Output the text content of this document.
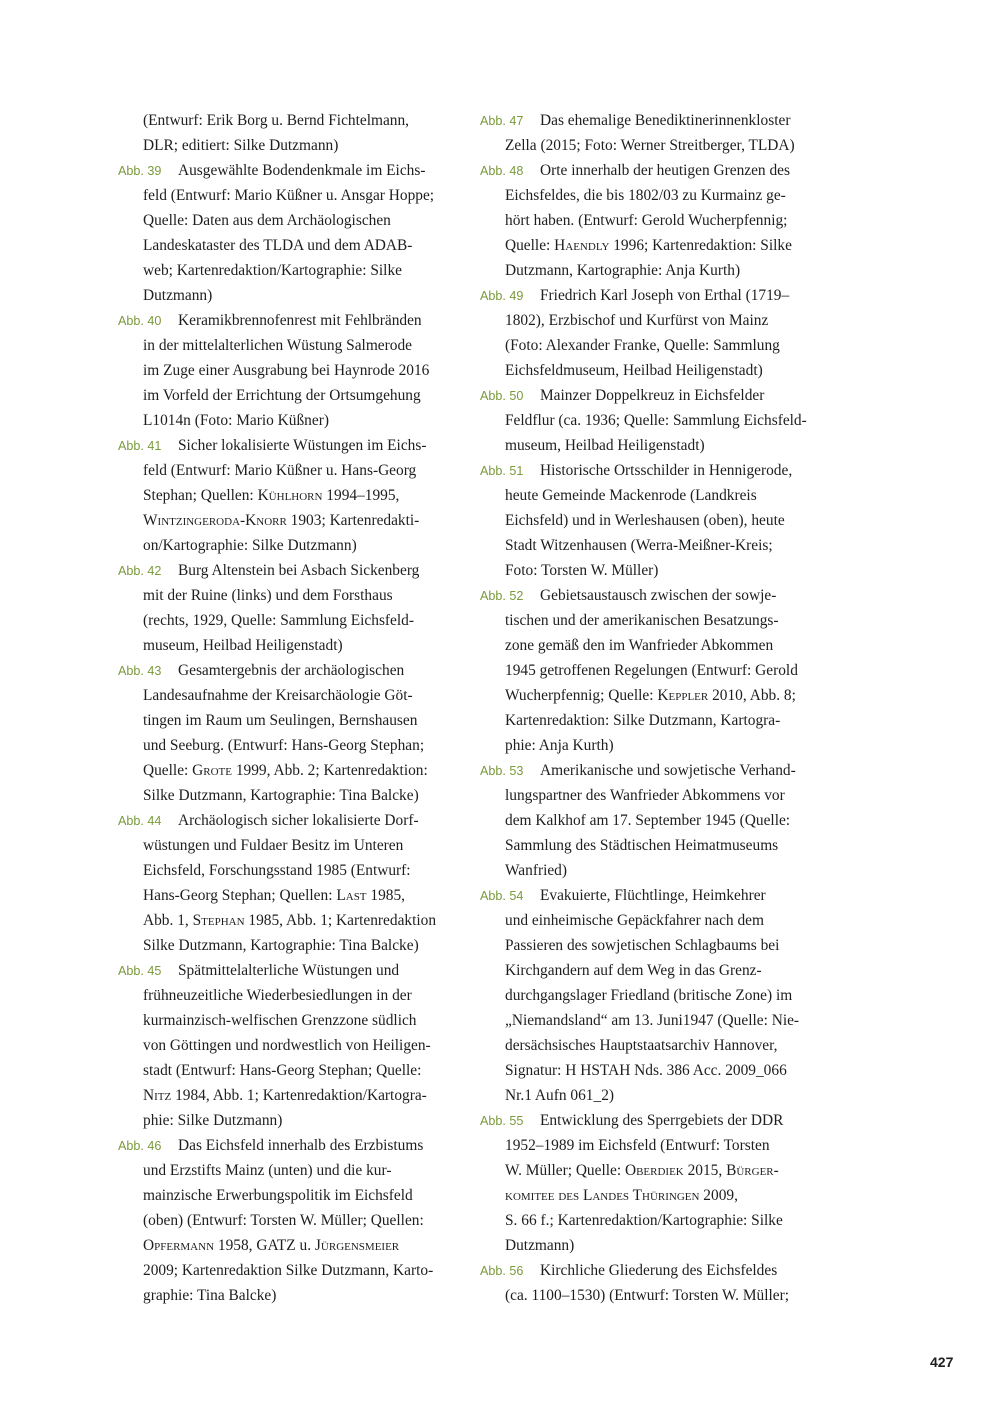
(Entwurf: Erik Borg u. Bernd Fichtelmann,
DLR; editiert: Silke Dutzmann)
Abb. 39 Ausgewählte Bodendenkmale im Eichs-
feld (Entwurf: Mario Küßner u. Ansgar Hoppe;
Quelle: Daten aus dem Archäologischen
Landeskataster des TLDA und dem ADAB-
web; Kartenredaktion/Kartographie: Silke
Dutzmann)
Abb. 40 Keramikbrennofenrest mit Fehlbränden
in der mittelalterlichen Wüstung Salmerode
im Zuge einer Ausgrabung bei Haynrode 2016
im Vorfeld der Errichtung der Ortsumgehung
L1014n (Foto: Mario Küßner)
Abb. 41 Sicher lokalisierte Wüstungen im Eichs-
feld (Entwurf: Mario Küßner u. Hans-Georg
Stephan; Quellen: Kühlhorn 1994–1995,
Wintzingeroda-Knorr 1903; Kartenredakti-
on/Kartographie: Silke Dutzmann)
Abb. 42 Burg Altenstein bei Asbach Sickenberg
mit der Ruine (links) und dem Forsthaus
(rechts, 1929, Quelle: Sammlung Eichsfeld-
museum, Heilbad Heiligenstadt)
Abb. 43 Gesamtergebnis der archäologischen
Landesaufnahme der Kreisarchäologie Göt-
tingen im Raum um Seulingen, Bernshausen
und Seeburg. (Entwurf: Hans-Georg Stephan;
Quelle: Grote 1999, Abb. 2; Kartenredaktion:
Silke Dutzmann, Kartographie: Tina Balcke)
Abb. 44 Archäologisch sicher lokalisierte Dorf-
wüstungen und Fuldaer Besitz im Unteren
Eichsfeld, Forschungsstand 1985 (Entwurf:
Hans-Georg Stephan; Quellen: Last 1985,
Abb. 1, Stephan 1985, Abb. 1; Kartenredaktion
Silke Dutzmann, Kartographie: Tina Balcke)
Abb. 45 Spätmittelalterliche Wüstungen und
frühneuzeitliche Wiederbesiedlungen in der
kurmainzisch-welfischen Grenzzone südlich
von Göttingen und nordwestlich von Heiligen-
stadt (Entwurf: Hans-Georg Stephan; Quelle:
Nitz 1984, Abb. 1; Kartenredaktion/Kartogra-
phie: Silke Dutzmann)
Abb. 46 Das Eichsfeld innerhalb des Erzbistums
und Erzstifts Mainz (unten) und die kur-
mainzische Erwerbungspolitik im Eichsfeld
(oben) (Entwurf: Torsten W. Müller; Quellen:
Opfermann 1958, GATZ u. Jürgensmeier
2009; Kartenredaktion Silke Dutzmann, Karto-
graphie: Tina Balcke)
Abb. 47 Das ehemalige Benediktinerinnenkloster
Zella (2015; Foto: Werner Streitberger, TLDA)
Abb. 48 Orte innerhalb der heutigen Grenzen des
Eichsfeldes, die bis 1802/03 zu Kurmainz ge-
hört haben. (Entwurf: Gerold Wucherpfennig;
Quelle: Haendly 1996; Kartenredaktion: Silke
Dutzmann, Kartographie: Anja Kurth)
Abb. 49 Friedrich Karl Joseph von Erthal (1719–
1802), Erzbischof und Kurfürst von Mainz
(Foto: Alexander Franke, Quelle: Sammlung
Eichsfeldmuseum, Heilbad Heiligenstadt)
Abb. 50 Mainzer Doppelkreuz in Eichsfelder
Feldflur (ca. 1936; Quelle: Sammlung Eichsfeld-
museum, Heilbad Heiligenstadt)
Abb. 51 Historische Ortsschilder in Hennigerode,
heute Gemeinde Mackenrode (Landkreis
Eichsfeld) und in Werleshausen (oben), heute
Stadt Witzenhausen (Werra-Meißner-Kreis;
Foto: Torsten W. Müller)
Abb. 52 Gebietsaustausch zwischen der sowje-
tischen und der amerikanischen Besatzungs-
zone gemäß den im Wanfrieder Abkommen
1945 getroffenen Regelungen (Entwurf: Gerold
Wucherpfennig; Quelle: Keppler 2010, Abb. 8;
Kartenredaktion: Silke Dutzmann, Kartogra-
phie: Anja Kurth)
Abb. 53 Amerikanische und sowjetische Verhand-
lungspartner des Wanfrieder Abkommens vor
dem Kalkhof am 17. September 1945 (Quelle:
Sammlung des Städtischen Heimatmuseums
Wanfried)
Abb. 54 Evakuierte, Flüchtlinge, Heimkehrer
und einheimische Gepäckfahrer nach dem
Passieren des sowjetischen Schlagbaums bei
Kirchgandern auf dem Weg in das Grenz-
durchgangslager Friedland (britische Zone) im
„Niemandsland“ am 13. Juni1947 (Quelle: Nie-
dersächsisches Hauptstaatsarchiv Hannover,
Signatur: H HSTAH Nds. 386 Acc. 2009_066
Nr.1 Aufn 061_2)
Abb. 55 Entwicklung des Sperrgebiets der DDR
1952–1989 im Eichsfeld (Entwurf: Torsten
W. Müller; Quelle: Oberdiek 2015, Bürger-
komitee des Landes Thüringen 2009,
S. 66 f.; Kartenredaktion/Kartographie: Silke
Dutzmann)
Abb. 56 Kirchliche Gliederung des Eichsfeldes
(ca. 1100–1530) (Entwurf: Torsten W. Müller;
427
